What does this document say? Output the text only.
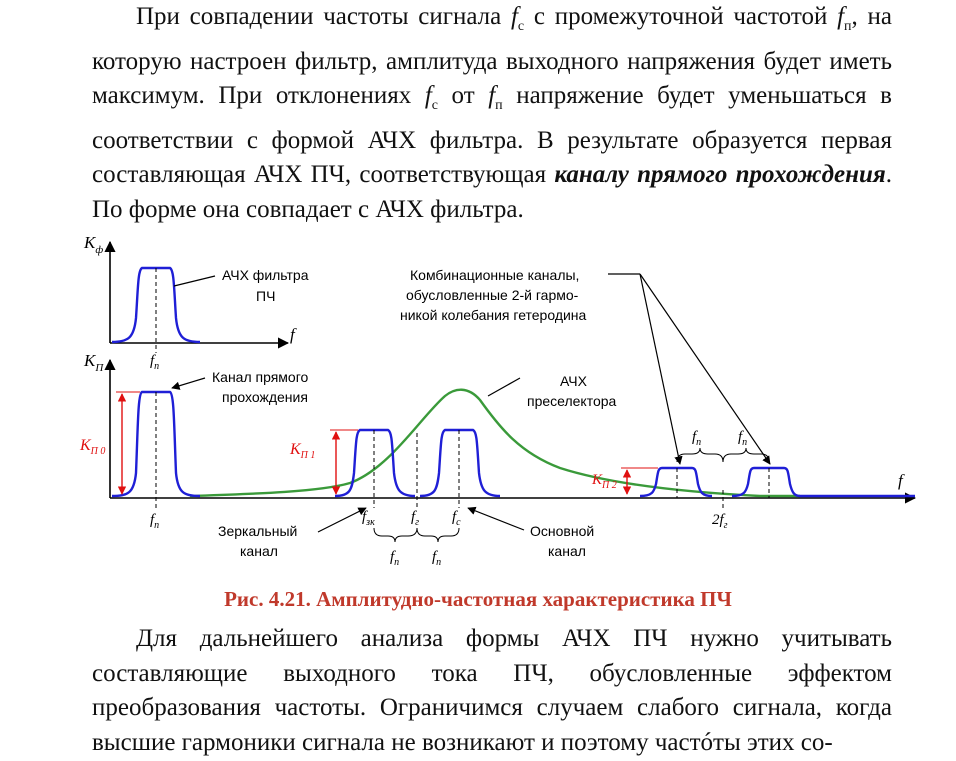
При совпадении частоты сигнала $f_с$ с промежуточной частотой $f_п$, на которую настроен фильтр, амплитуда выходного напряжения будет иметь максимум. При отклонениях $f_с$ от $f_п$ напряжение будет уменьшаться в соответствии с формой АЧХ фильтра. В результате образуется первая составляющая АЧХ ПЧ, соответствующая каналу прямого прохождения. По форме она совпадает с АЧХ фильтра.

$K_ф$
f
$f_п$
АЧХ фильтра
ПЧ
$K_П$
f
$K_{П 0}$	$K_{П 1}$
$K_{П 2}$
$f_п$
$f_{зк}$ $f_г$ $f_с$	$2f_г$
$f_п$ $f_п$
$f_п$ $f_п$
Канал прямого
прохождения
АЧХ
преселектора
Комбинационные каналы,
обусловленные 2-й гармо-
никой колебания гетеродина
Зеркальный
канал
Основной
канал
Рис. 4.21. Амплитудно-частотная характеристика ПЧ

Для дальнейшего анализа формы АЧХ ПЧ нужно учитывать составляющие выходного тока ПЧ, обусловленные эффектом преобразования частоты. Ограничимся случаем слабого сигнала, когда высшие гармоники сигнала не возникают и поэтому частóты этих со-
